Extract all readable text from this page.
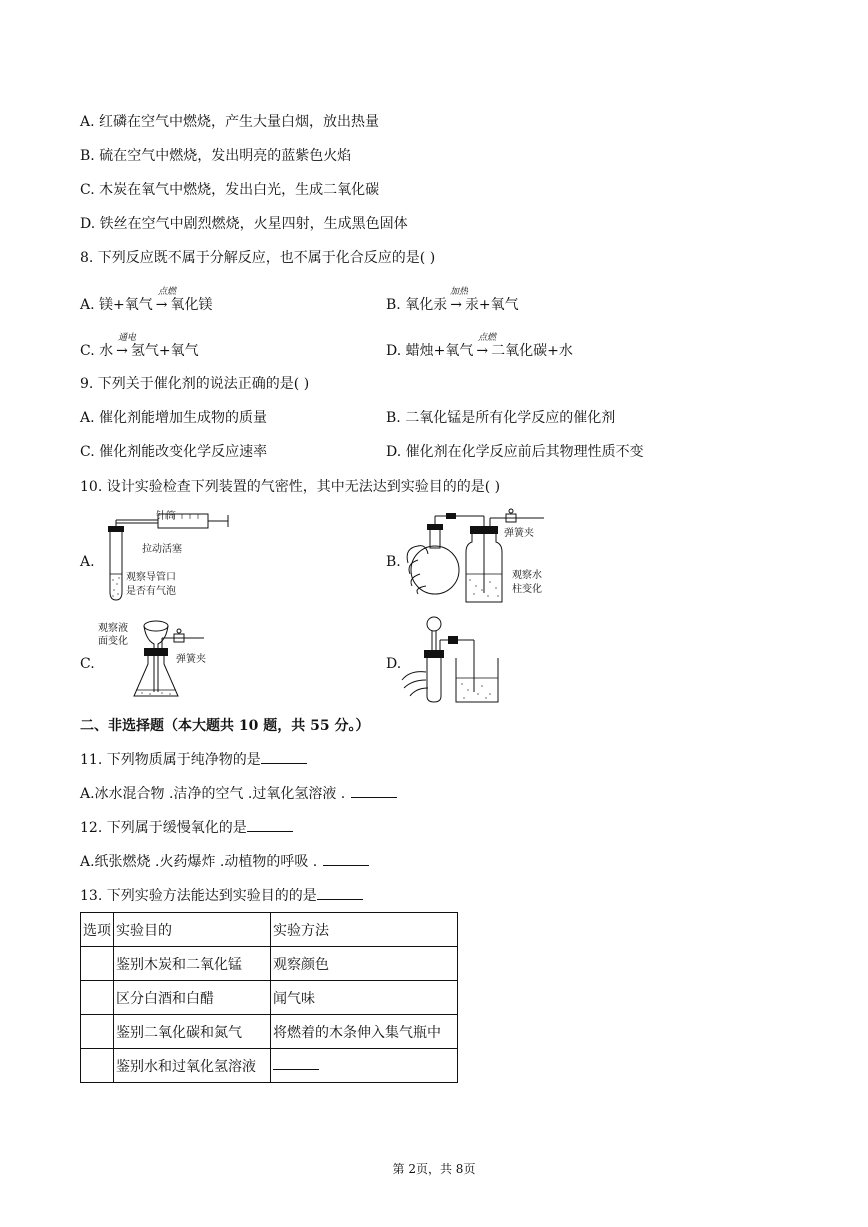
A. 红磷在空气中燃烧，产生大量白烟，放出热量
B. 硫在空气中燃烧，发出明亮的蓝紫色火焰
C. 木炭在氧气中燃烧，发出白光，生成二氧化碳
D. 铁丝在空气中剧烈燃烧，火星四射，生成黑色固体
8. 下列反应既不属于分解反应，也不属于化合反应的是( )
A. 镁+氧气 → 氧化镁
点燃
B. 氧化汞 → 汞+氧气
加热
C. 水 → 氢气+氧气
通电
D. 蜡烛+氧气 → 二氧化碳+水
点燃
9. 下列关于催化剂的说法正确的是( )
A. 催化剂能增加生成物的质量	B. 二氧化锰是所有化学反应的催化剂
C. 催化剂能改变化学反应速率	D. 催化剂在化学反应前后其物理性质不变
10. 设计实验检查下列装置的气密性，其中无法达到实验目的的是( )
A.
针筒
拉动活塞
观察导管口
是否有气泡
B.
弹簧夹
观察水
柱变化
C.
观察液
面变化
弹簧夹	D.
二、非选择题（本大题共 10 题，共 55 分。）
11. 下列物质属于纯净物的是
A.冰水混合物 .洁净的空气 .过氧化氢溶液 .
12. 下列属于缓慢氧化的是
A.纸张燃烧 .火药爆炸 .动植物的呼吸 .
13. 下列实验方法能达到实验目的的是
选项	实验目的	实验方法
	鉴别木炭和二氧化锰	观察颜色
	区分白酒和白醋	闻气味
	鉴别二氧化碳和氮气	将燃着的木条伸入集气瓶中
	鉴别水和过氧化氢溶液	
第 2页，共 8页
